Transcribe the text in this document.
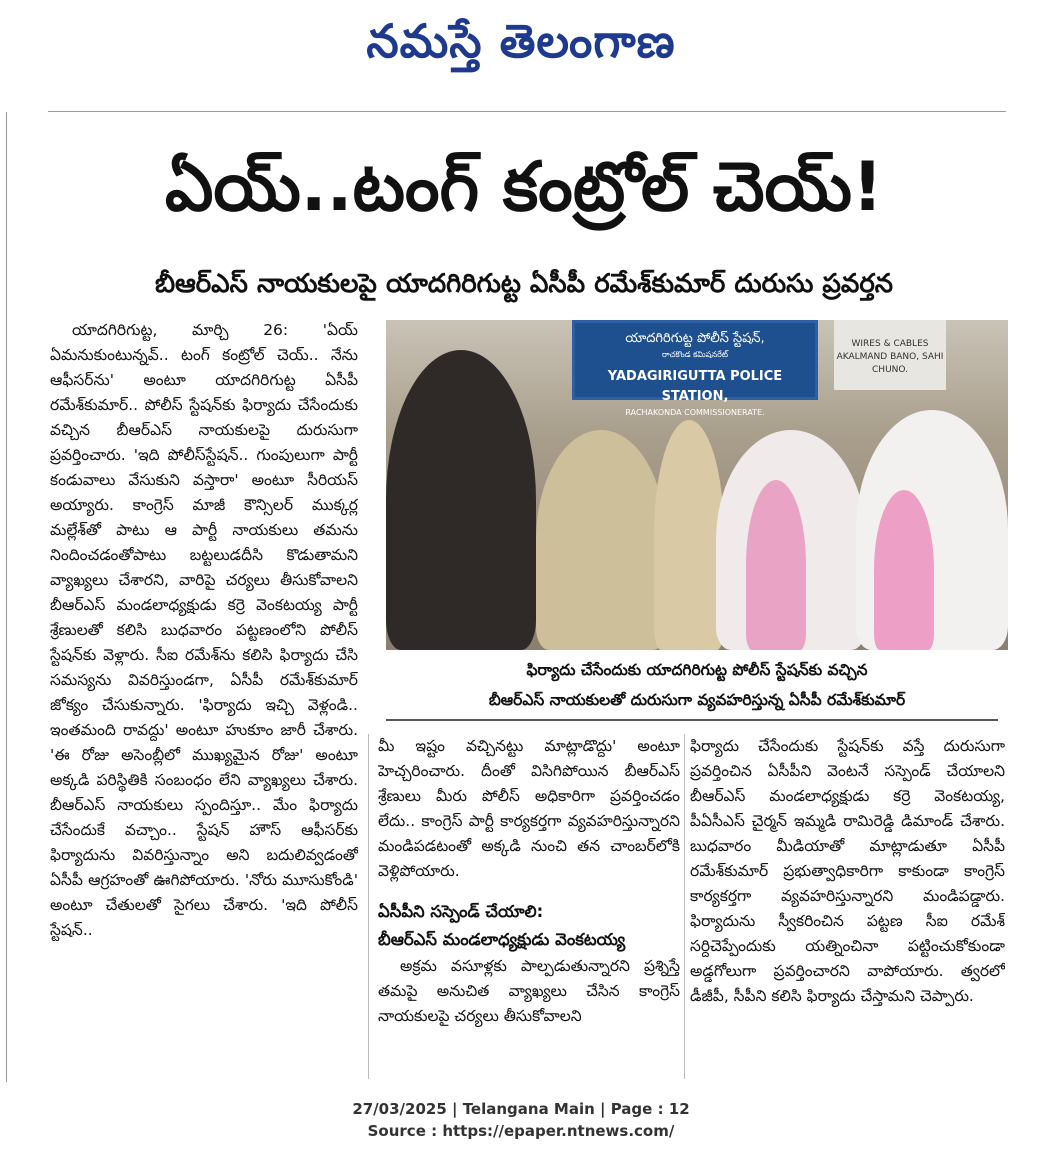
నమస్తే తెలంగాణ
ఏయ్..టంగ్ కంట్రోల్ చెయ్!
బీఆర్ఎస్ నాయకులపై యాదగిరిగుట్ట ఏసీపీ రమేశ్‌కుమార్ దురుసు ప్రవర్తన

యాదగిరిగుట్ట, మార్చి 26: 'ఏయ్ ఏమనుకుంటున్నవ్.. టంగ్ కంట్రోల్ చెయ్.. నేను ఆఫీసర్‌ను' అంటూ యాదగిరిగుట్ట ఏసీపీ రమేశ్‌కుమార్.. పోలీస్ స్టేషన్‌కు ఫిర్యాదు చేసేందుకు వచ్చిన బీఆర్ఎస్ నాయకులపై దురుసుగా ప్రవర్తించారు. 'ఇది పోలీస్‌స్టేషన్.. గుంపులుగా పార్టీ కండువాలు వేసుకుని వస్తారా' అంటూ సీరియస్ అయ్యారు. కాంగ్రెస్ మాజీ కౌన్సిలర్ ముక్కర్ల మల్లేశ్‌తో పాటు ఆ పార్టీ నాయకులు తమను నిందించడంతోపాటు బట్టలుడదీసి కొడుతామని వ్యాఖ్యలు చేశారని, వారిపై చర్యలు తీసుకోవాలని బీఆర్ఎస్ మండలాధ్యక్షుడు కర్రె వెంకటయ్య పార్టీ శ్రేణులతో కలిసి బుధవారం పట్టణంలోని పోలీస్ స్టేషన్‌కు వెళ్లారు. సీఐ రమేశ్‌ను కలిసి ఫిర్యాదు చేసి సమస్యను వివరిస్తుండగా, ఏసీపీ రమేశ్‌కుమార్ జోక్యం చేసుకున్నారు. 'ఫిర్యాదు ఇచ్చి వెళ్లండి.. ఇంతమంది రావద్దు' అంటూ హుకూం జారీ చేశారు. 'ఈ రోజు అసెంబ్లీలో ముఖ్యమైన రోజు' అంటూ అక్కడి పరిస్థితికి సంబంధం లేని వ్యాఖ్యలు చేశారు. బీఆర్ఎస్ నాయకులు స్పందిస్తూ.. మేం ఫిర్యాదు చేసేందుకే వచ్చాం.. స్టేషన్ హౌస్ ఆఫీసర్‌కు ఫిర్యాదును వివరిస్తున్నాం అని బదులివ్వడంతో ఏసీపీ ఆగ్రహంతో ఊగిపోయారు. 'నోరు మూసుకోండి' అంటూ చేతులతో సైగలు చేశారు. 'ఇది పోలీస్ స్టేషన్..

యాదగిరిగుట్ట పోలీస్ స్టేషన్,
రాచకొండ కమిషనరేట్
YADAGIRIGUTTA POLICE STATION,
RACHAKONDA COMMISSIONERATE.
WIRES & CABLES
AKALMAND BANO, SAHI CHUNO.
ఫిర్యాదు చేసేందుకు యాదగిరిగుట్ట పోలీస్ స్టేషన్‌కు వచ్చిన
బీఆర్ఎస్ నాయకులతో దురుసుగా వ్యవహరిస్తున్న ఏసీపీ రమేశ్‌కుమార్

మీ ఇష్టం వచ్చినట్టు మాట్లాడొద్దు' అంటూ హెచ్చరించారు. దీంతో విసిగిపోయిన బీఆర్ఎస్ శ్రేణులు మీరు పోలీస్ అధికారిగా ప్రవర్తించడం లేదు.. కాంగ్రెస్ పార్టీ కార్యకర్తగా వ్యవహరిస్తున్నారని మండిపడటంతో అక్కడి నుంచి తన చాంబర్‌లోకి వెళ్లిపోయారు.

ఏసీపీని సస్పెండ్ చేయాలి:

బీఆర్ఎస్ మండలాధ్యక్షుడు వెంకటయ్య

అక్రమ వసూళ్లకు పాల్పడుతున్నారని ప్రశ్నిస్తే తమపై అనుచిత వ్యాఖ్యలు చేసిన కాంగ్రెస్ నాయకులపై చర్యలు తీసుకోవాలని

ఫిర్యాదు చేసేందుకు స్టేషన్‌కు వస్తే దురుసుగా ప్రవర్తించిన ఏసీపీని వెంటనే సస్పెండ్ చేయాలని బీఆర్ఎస్ మండలాధ్యక్షుడు కర్రె వెంకటయ్య, పీఏసీఎస్ చైర్మన్ ఇమ్మడి రామిరెడ్డి డిమాండ్ చేశారు. బుధవారం మీడియాతో మాట్లాడుతూ ఏసీపీ రమేశ్‌కుమార్ ప్రభుత్వాధికారిగా కాకుండా కాంగ్రెస్ కార్యకర్తగా వ్యవహరిస్తున్నారని మండిపడ్డారు. ఫిర్యాదును స్వీకరించిన పట్టణ సీఐ రమేశ్ సర్దిచెప్పేందుకు యత్నించినా పట్టించుకోకుండా అడ్డగోలుగా ప్రవర్తించారని వాపోయారు. త్వరలో డీజీపీ, సీపీని కలిసి ఫిర్యాదు చేస్తామని చెప్పారు.

27/03/2025 | Telangana Main | Page : 12
Source : https://epaper.ntnews.com/
